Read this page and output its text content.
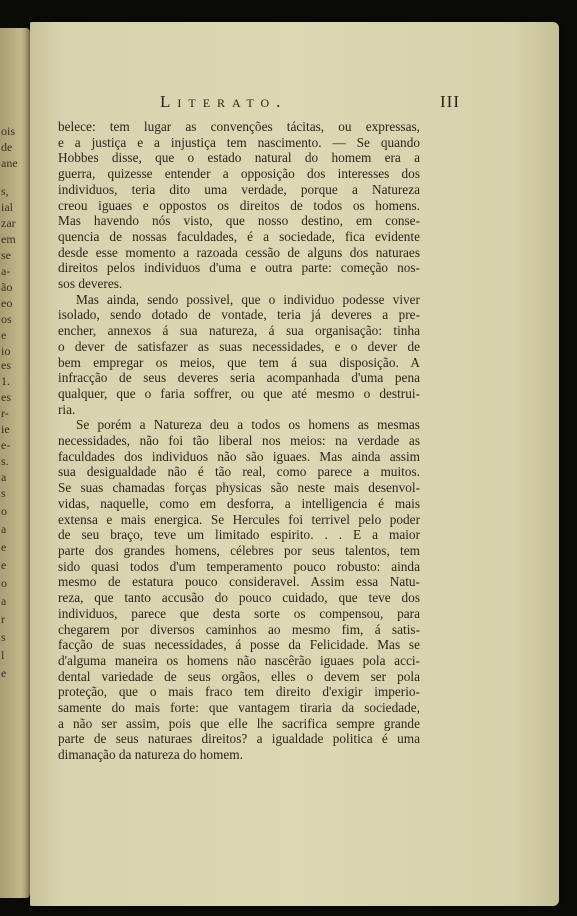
ois
de
ane
s,
ial
zar
em
se
a-
ão
eo
os
e
io
es
1.
es
r-
ie
e-
s.
a
s
o
a
e
e
o
a
r
s
l
e
Literato.	III
belece: tem lugar as convenções tácitas, ou expressas,
e a justiça e a injustiça tem nascimento. — Se quando
Hobbes disse, que o estado natural do homem era a
guerra, quizesse entender a opposição dos interesses dos
individuos, teria dito uma verdade, porque a Natureza
creou iguaes e oppostos os direitos de todos os homens.
Mas havendo nós visto, que nosso destino, em conse-
quencia de nossas faculdades, é a sociedade, fica evidente
desde esse momento a razoada cessão de alguns dos naturaes
direitos pelos individuos d'uma e outra parte: começão nos-
sos deveres.
Mas ainda, sendo possivel, que o individuo podesse viver
isolado, sendo dotado de vontade, teria já deveres a pre-
encher, annexos á sua natureza, á sua organisação: tinha
o dever de satisfazer as suas necessidades, e o dever de
bem empregar os meios, que tem á sua disposição. A
infracção de seus deveres seria acompanhada d'uma pena
qualquer, que o faria soffrer, ou que até mesmo o destrui-
ria.
Se porém a Natureza deu a todos os homens as mesmas
necessidades, não foi tão liberal nos meios: na verdade as
faculdades dos individuos não são iguaes. Mas ainda assim
sua desigualdade não é tão real, como parece a muitos.
Se suas chamadas forças physicas são neste mais desenvol-
vidas, naquelle, como em desforra, a intelligencia é mais
extensa e mais energica. Se Hercules foi terrivel pelo poder
de seu braço, teve um limitado espirito. . . E a maior
parte dos grandes homens, célebres por seus talentos, tem
sido quasi todos d'um temperamento pouco robusto: ainda
mesmo de estatura pouco consideravel. Assim essa Natu-
reza, que tanto accusão do pouco cuidado, que teve dos
individuos, parece que desta sorte os compensou, para
chegarem por diversos caminhos ao mesmo fim, á satis-
facção de suas necessidades, á posse da Felicidade. Mas se
d'alguma maneira os homens não nascêrão iguaes pola acci-
dental variedade de seus orgãos, elles o devem ser pola
proteção, que o mais fraco tem direito d'exigir imperio-
samente do mais forte: que vantagem tiraria da sociedade,
a não ser assim, pois que elle lhe sacrifica sempre grande
parte de seus naturaes direitos? a igualdade politica é uma
dimanação da natureza do homem.
